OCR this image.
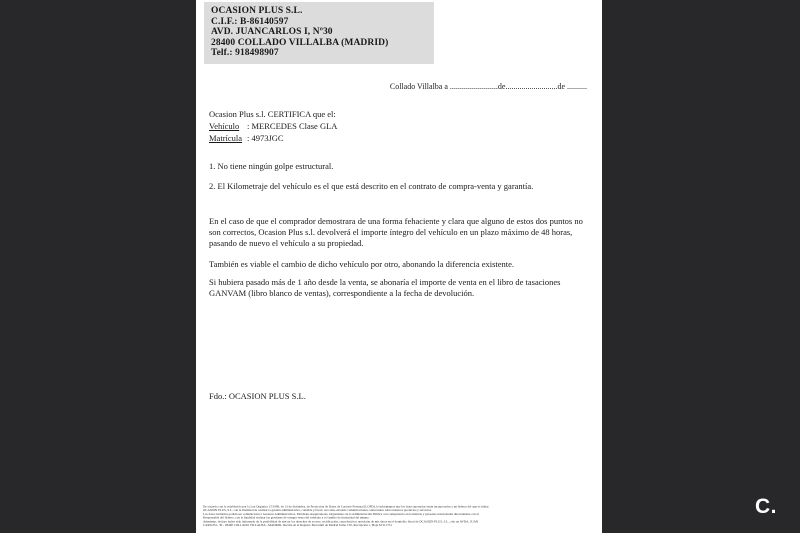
OCASION PLUS S.L.
C.I.F.: B-86140597
AVD. JUANCARLOS I, Nº30
28400 COLLADO VILLALBA (MADRID)
Telf.: 918498907
Collado Villalba a ........................de..........................de ..........
Ocasion Plus s.l. CERTIFICA que el:
Vehículo : MERCEDES Clase GLA
Matrícula : 4973JGC
1. No tiene ningún golpe estructural.
2. El Kilometraje del vehículo es el que está descrito en el contrato de compra-venta y garantía.
En el caso de que el comprador demostrara de una forma fehaciente y clara que alguno de estos dos puntos no son correctos, Ocasion Plus s.l. devolverá el importe íntegro del vehículo en un plazo máximo de 48 horas, pasando de nuevo el vehículo a su propiedad.
También es viable el cambio de dicho vehículo por otro, abonando la diferencia existente.
Si hubiera pasado más de 1 año desde la venta, se abonaría el importe de venta en el libro de tasaciones GANVAM (libro blanco de ventas), correspondiente a la fecha de devolución.
Fdo.: OCASION PLUS S.L.
De acuerdo con lo establecido por la Ley Orgánica 15/1999, de 13 de diciembre, de Protección de Datos de Carácter Personal (LOPD), le informamos que los datos aportados serán incorporados a un fichero del que es titular
OCASIÓN PLUS, S.L. con la finalidad de realizar la gestión administrativa, contable y fiscal, así como enviarle comunicaciones comerciales sobre nuestros productos y servicios.
Los datos incluidos podrán ser comunicados a Gestores Administrativos, Entidades Aseguradoras, Organismos de la Administración Pública con competencia en la materia y personas relacionadas directamente con el
Responsable del fichero, con la finalidad realizar las gestiones de compra venta del vehículo y el cambio de titularidad del mismo.
Asimismo, declaro haber sido informado de la posibilidad de ejercer los derechos de acceso, rectificación, cancelación y oposición de mis datos en el domicilio fiscal de OCASIÓN PLUS, S.L., sito en AVDA. JUAN
CARLOS I, 30 - 28400 COLLADO VILLALBA - MADRID. Inscrita en el Registro Mercantil de Madrid Tomo 150, Inscripción 1, Hoja M 511731
C.
